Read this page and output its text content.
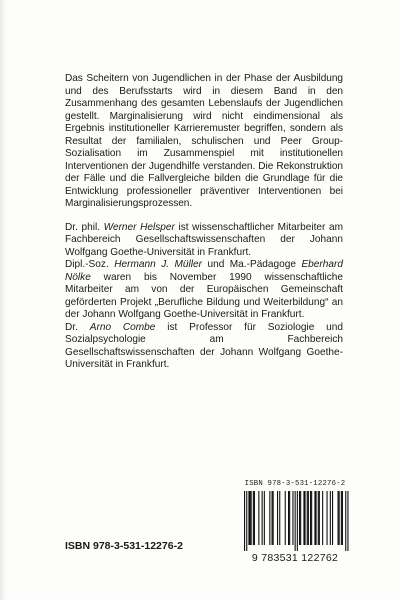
Das Scheitern von Jugendlichen in der Phase der Ausbildung und des Berufsstarts wird in diesem Band in den Zusammenhang des gesamten Lebenslaufs der Jugendlichen gestellt. Marginalisierung wird nicht eindimensional als Ergebnis institutioneller Karrieremuster begriffen, sondern als Resultat der familialen, schulischen und Peer Group-Sozialisation im Zusammenspiel mit institutionellen Interventionen der Jugendhilfe verstanden. Die Rekonstruktion der Fälle und die Fallvergleiche bilden die Grundlage für die Entwicklung professioneller präventiver Interventionen bei Marginalisierungsprozessen.

Dr. phil. Werner Helsper ist wissenschaftlicher Mitarbeiter am Fachbereich Gesellschaftswissenschaften der Johann Wolfgang Goethe-Universität in Frankfurt.

Dipl.-Soz. Hermann J. Müller und Ma.-Pädagoge Eberhard Nölke waren bis November 1990 wissenschaftliche Mitarbeiter am von der Europäischen Gemeinschaft geförderten Projekt „Berufliche Bildung und Weiterbildung“ an der Johann Wolfgang Goethe-Universität in Frankfurt.

Dr. Arno Combe ist Professor für Soziologie und Sozialpsychologie am Fachbereich Gesellschaftswissenschaften der Johann Wolfgang Goethe-Universität in Frankfurt.

ISBN 978-3-531-12276-2
9 783531 122762
ISBN 978-3-531-12276-2
